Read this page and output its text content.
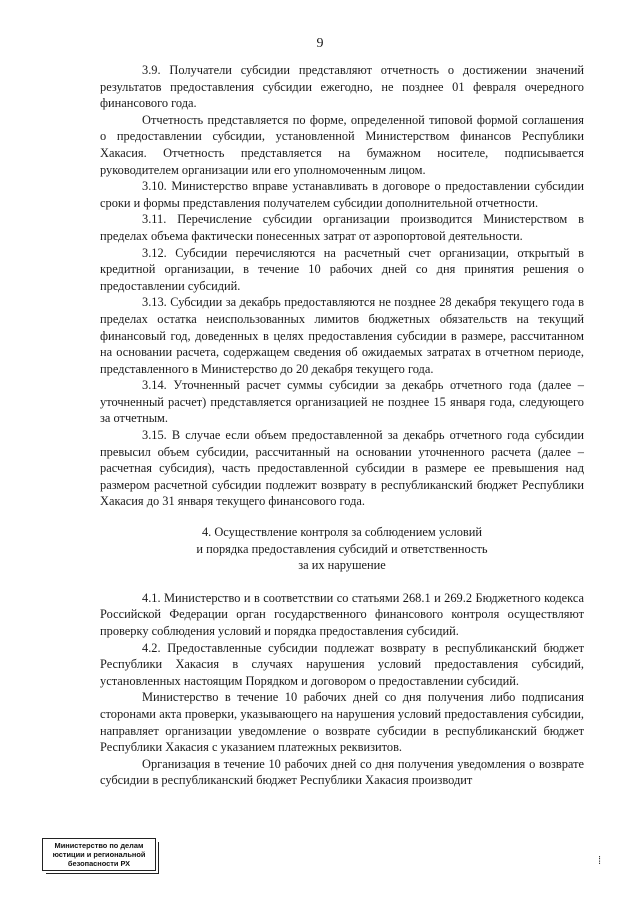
9

3.9. Получатели субсидии представляют отчетность о достижении значений результатов предоставления субсидии ежегодно, не позднее 01 февраля очередного финансового года.

Отчетность представляется по форме, определенной типовой формой соглашения о предоставлении субсидии, установленной Министерством финансов Республики Хакасия. Отчетность представляется на бумажном носителе, подписывается руководителем организации или его уполномоченным лицом.

3.10. Министерство вправе устанавливать в договоре о предоставлении субсидии сроки и формы представления получателем субсидии дополнительной отчетности.

3.11. Перечисление субсидии организации производится Министерством в пределах объема фактически понесенных затрат от аэропортовой деятельности.

3.12. Субсидии перечисляются на расчетный счет организации, открытый в кредитной организации, в течение 10 рабочих дней со дня принятия решения о предоставлении субсидий.

3.13. Субсидии за декабрь предоставляются не позднее 28 декабря текущего года в пределах остатка неиспользованных лимитов бюджетных обязательств на текущий финансовый год, доведенных в целях предоставления субсидии в размере, рассчитанном на основании расчета, содержащем сведения об ожидаемых затратах в отчетном периоде, представленного в Министерство до 20 декабря текущего года.

3.14. Уточненный расчет суммы субсидии за декабрь отчетного года (далее – уточненный расчет) представляется организацией не позднее 15 января года, следующего за отчетным.

3.15. В случае если объем предоставленной за декабрь отчетного года субсидии превысил объем субсидии, рассчитанный на основании уточненного расчета (далее – расчетная субсидия), часть предоставленной субсидии в размере ее превышения над размером расчетной субсидии подлежит возврату в республиканский бюджет Республики Хакасия до 31 января текущего финансового года.

4. Осуществление контроля за соблюдением условий
и порядка предоставления субсидий и ответственность
за их нарушение

4.1. Министерство и в соответствии со статьями 268.1 и 269.2 Бюджетного кодекса Российской Федерации орган государственного финансового контроля осуществляют проверку соблюдения условий и порядка предоставления субсидий.

4.2. Предоставленные субсидии подлежат возврату в республиканский бюджет Республики Хакасия в случаях нарушения условий предоставления субсидий, установленных настоящим Порядком и договором о предоставлении субсидий.

Министерство в течение 10 рабочих дней со дня получения либо подписания сторонами акта проверки, указывающего на нарушения условий предоставления субсидии, направляет организации уведомление о возврате субсидии в республиканский бюджет Республики Хакасия с указанием платежных реквизитов.

Организация в течение 10 рабочих дней со дня получения уведомления о возврате субсидии в республиканский бюджет Республики Хакасия производит

Министерство по делам
юстиции и региональной
безопасности РХ	⁞
